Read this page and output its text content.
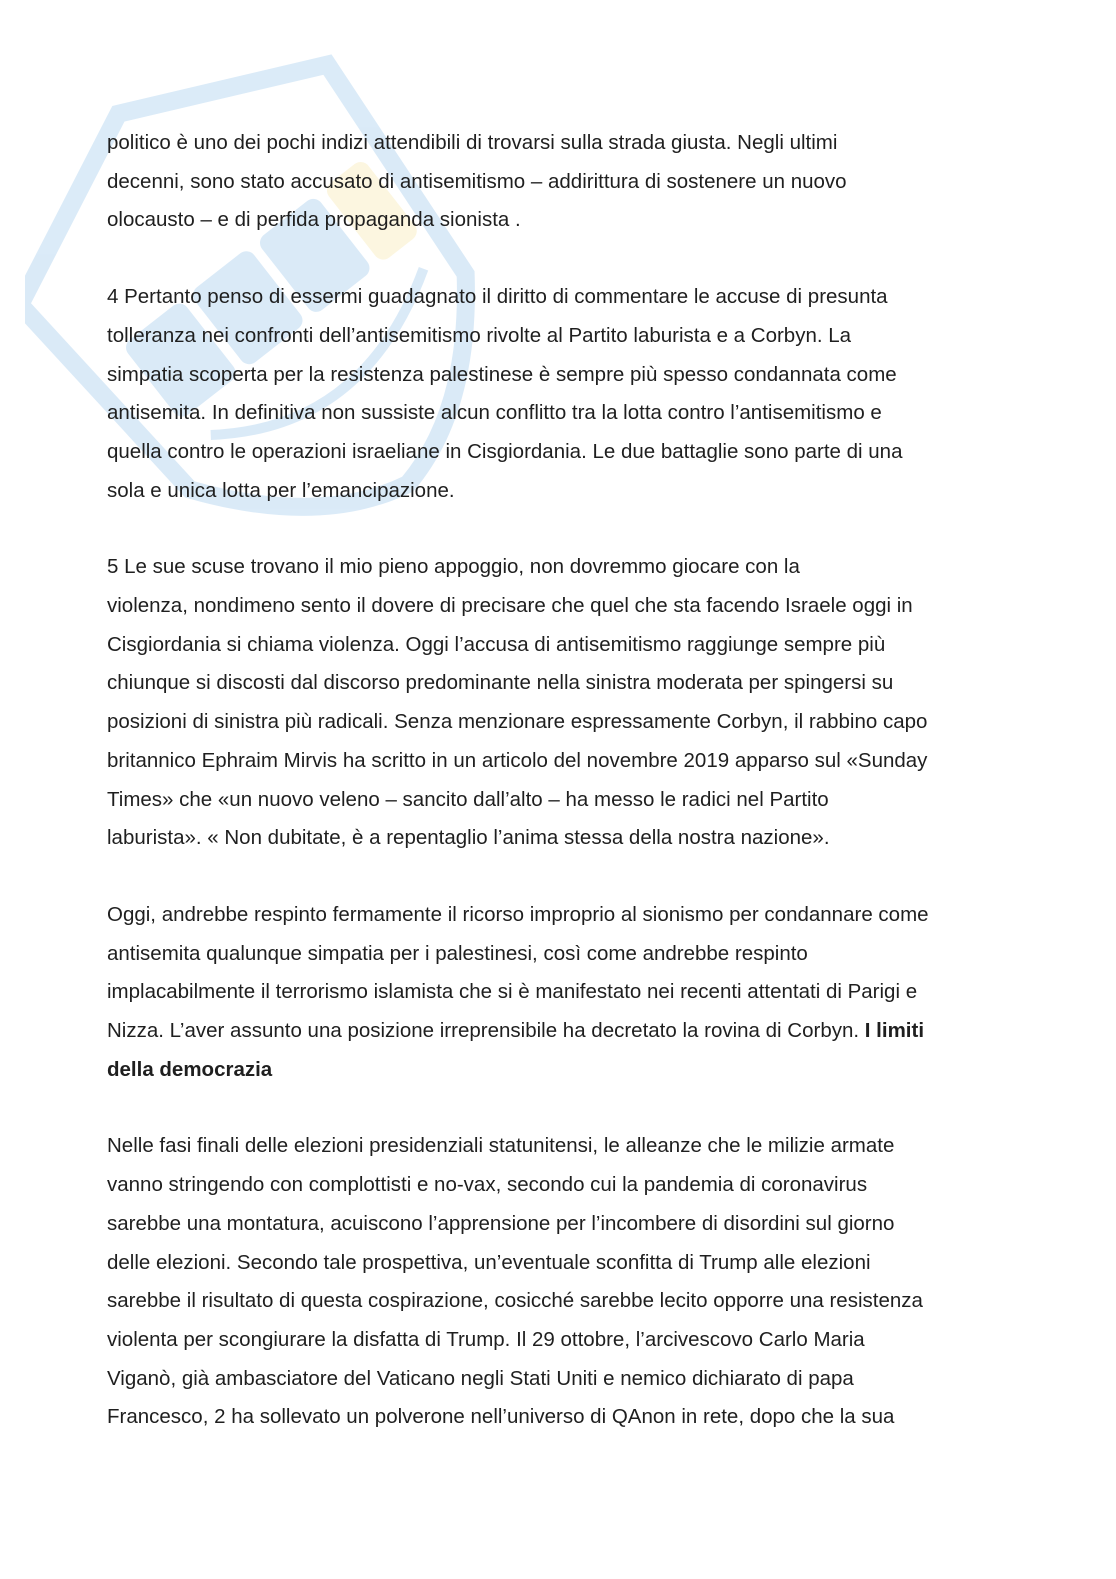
politico è uno dei pochi indizi attendibili di trovarsi sulla strada giusta. Negli ultimi
decenni, sono stato accusato di antisemitismo – addirittura di sostenere un nuovo
olocausto – e di perfida propaganda sionista .

4 Pertanto penso di essermi guadagnato il diritto di commentare le accuse di presunta
tolleranza nei confronti dell’antisemitismo rivolte al Partito laburista e a Corbyn. La
simpatia scoperta per la resistenza palestinese è sempre più spesso condannata come
antisemita. In definitiva non sussiste alcun conflitto tra la lotta contro l’antisemitismo e
quella contro le operazioni israeliane in Cisgiordania. Le due battaglie sono parte di una
sola e unica lotta per l’emancipazione.

5 Le sue scuse trovano il mio pieno appoggio, non dovremmo giocare con la
violenza, nondimeno sento il dovere di precisare che quel che sta facendo Israele oggi in
Cisgiordania si chiama violenza. Oggi l’accusa di antisemitismo raggiunge sempre più
chiunque si discosti dal discorso predominante nella sinistra moderata per spingersi su
posizioni di sinistra più radicali. Senza menzionare espressamente Corbyn, il rabbino capo
britannico Ephraim Mirvis ha scritto in un articolo del novembre 2019 apparso sul «Sunday
Times» che «un nuovo veleno – sancito dall’alto – ha messo le radici nel Partito
laburista». « Non dubitate, è a repentaglio l’anima stessa della nostra nazione».

Oggi, andrebbe respinto fermamente il ricorso improprio al sionismo per condannare come
antisemita qualunque simpatia per i palestinesi, così come andrebbe respinto
implacabilmente il terrorismo islamista che si è manifestato nei recenti attentati di Parigi e
Nizza. L’aver assunto una posizione irreprensibile ha decretato la rovina di Corbyn. I limiti
della democrazia

Nelle fasi finali delle elezioni presidenziali statunitensi, le alleanze che le milizie armate
vanno stringendo con complottisti e no-vax, secondo cui la pandemia di coronavirus
sarebbe una montatura, acuiscono l’apprensione per l’incombere di disordini sul giorno
delle elezioni. Secondo tale prospettiva, un’eventuale sconfitta di Trump alle elezioni
sarebbe il risultato di questa cospirazione, cosicché sarebbe lecito opporre una resistenza
violenta per scongiurare la disfatta di Trump. Il 29 ottobre, l’arcivescovo Carlo Maria
Viganò, già ambasciatore del Vaticano negli Stati Uniti e nemico dichiarato di papa
Francesco, 2 ha sollevato un polverone nell’universo di QAnon in rete, dopo che la sua
